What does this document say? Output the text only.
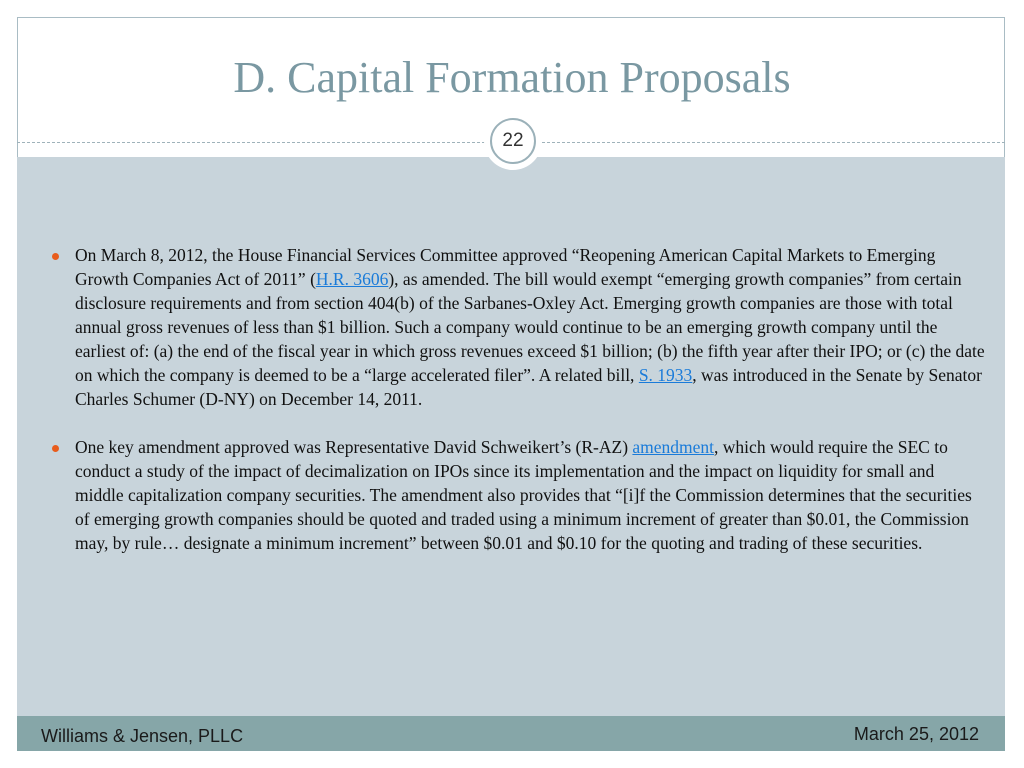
D. Capital Formation Proposals
22

On March 8, 2012, the House Financial Services Committee approved “Reopening American Capital Markets to Emerging Growth Companies Act of 2011” (H.R. 3606), as amended. The bill would exempt “emerging growth companies” from certain disclosure requirements and from section 404(b) of the Sarbanes-Oxley Act. Emerging growth companies are those with total annual gross revenues of less than $1 billion. Such a company would continue to be an emerging growth company until the earliest of: (a) the end of the fiscal year in which gross revenues exceed $1 billion; (b) the fifth year after their IPO; or (c) the date on which the company is deemed to be a “large accelerated filer”. A related bill, S. 1933, was introduced in the Senate by Senator Charles Schumer (D-NY) on December 14, 2011.

One key amendment approved was Representative David Schweikert’s (R-AZ) amendment, which would require the SEC to conduct a study of the impact of decimalization on IPOs since its implementation and the impact on liquidity for small and middle capitalization company securities. The amendment also provides that “[i]f the Commission determines that the securities of emerging growth companies should be quoted and traded using a minimum increment of greater than $0.01, the Commission may, by rule… designate a minimum increment” between $0.01 and $0.10 for the quoting and trading of these securities.

Williams & Jensen, PLLC	March 25, 2012
